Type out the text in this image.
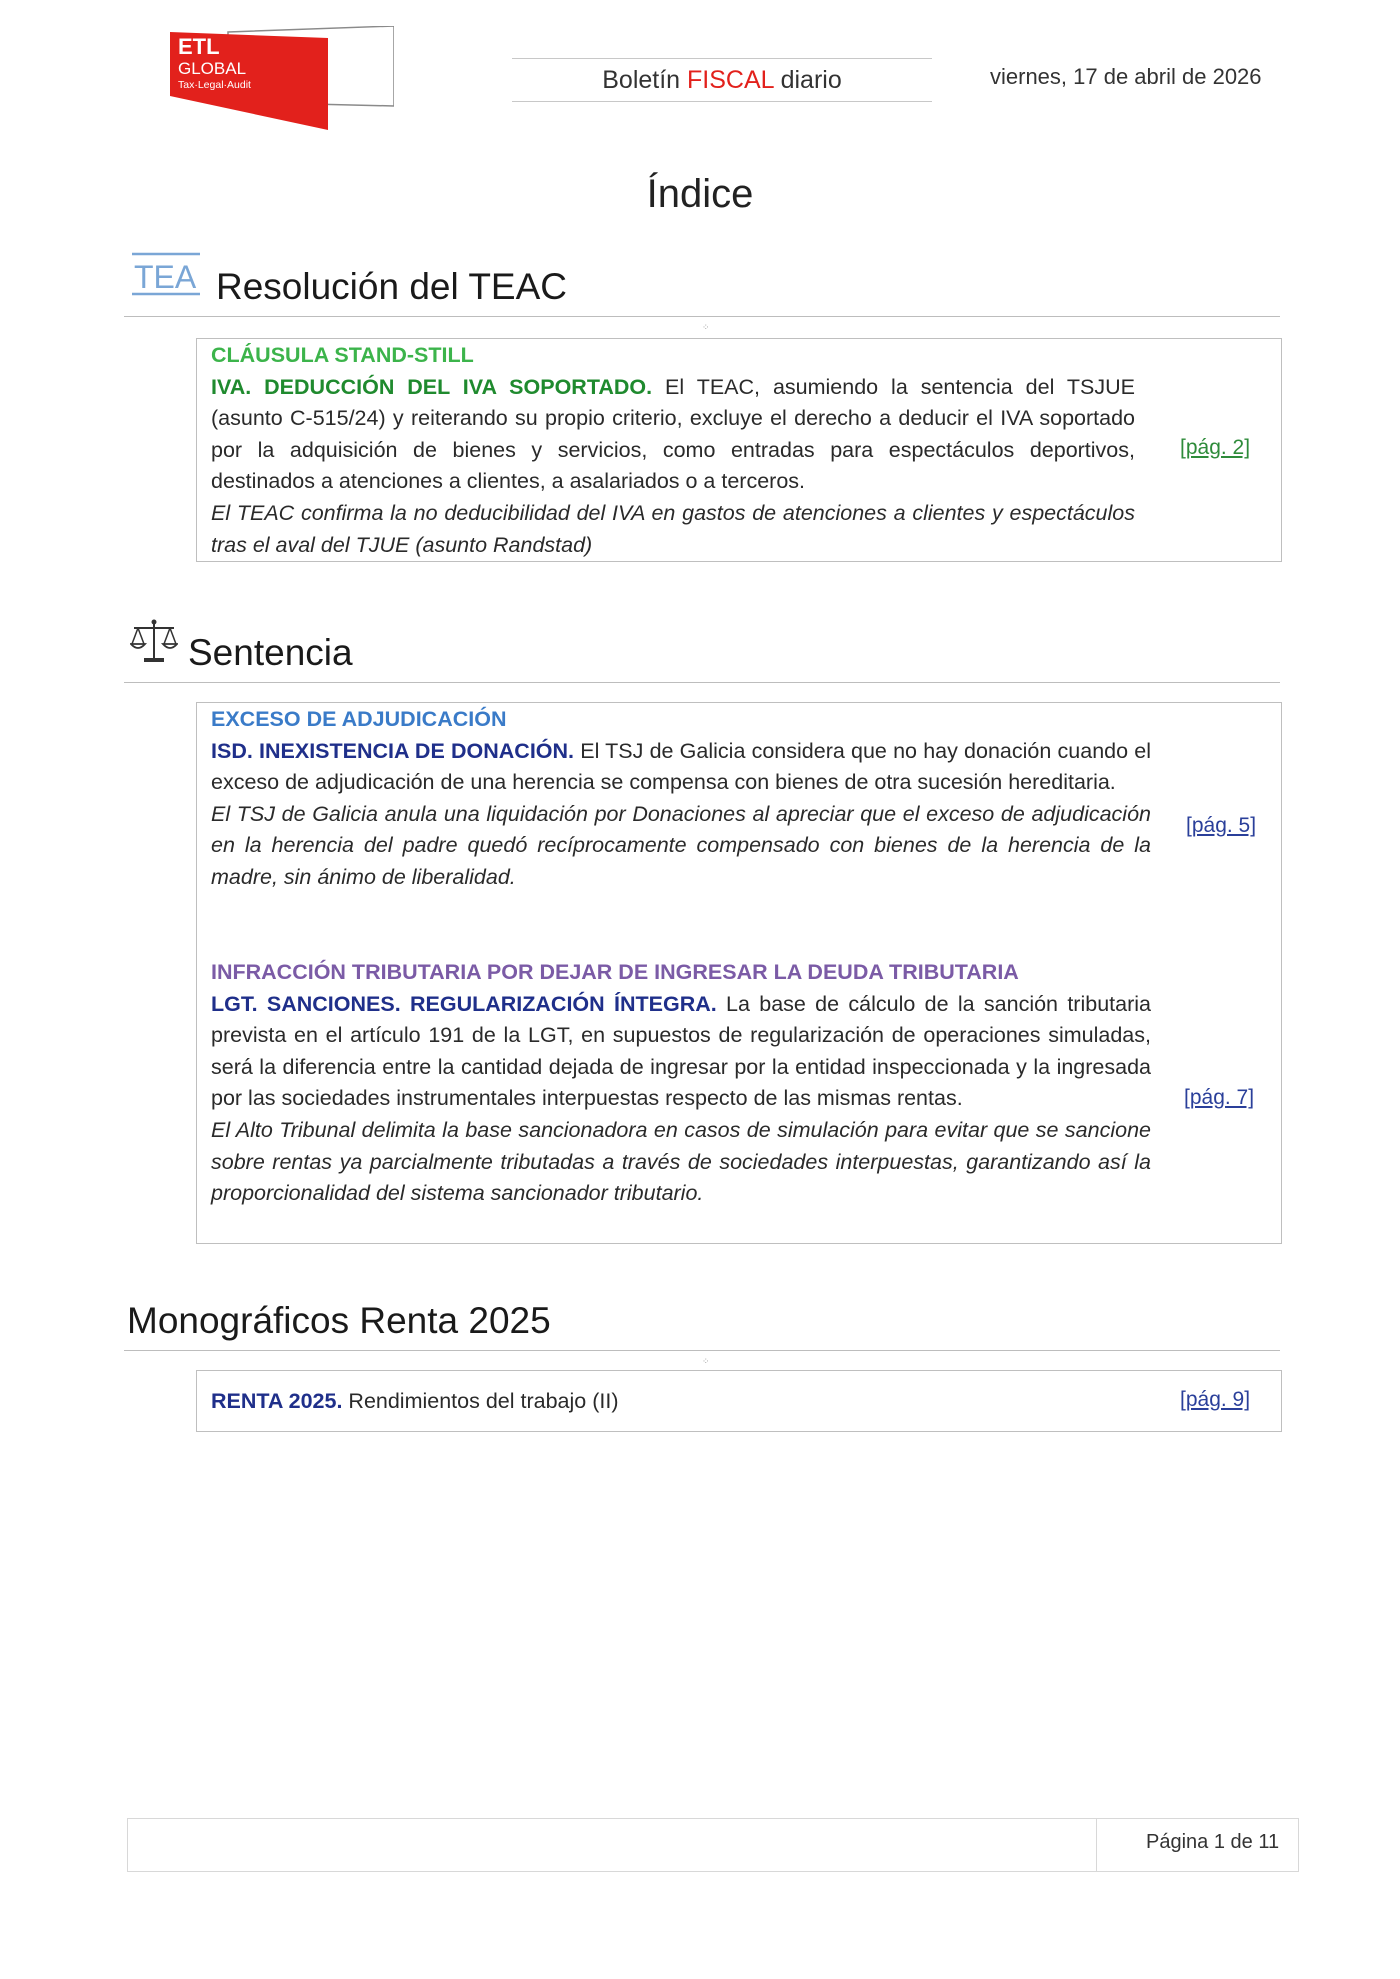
ETL
GLOBAL
Tax·Legal·Audit	Boletín FISCAL diario	viernes, 17 de abril de 2026
Índice
TEA Resolución del TEAC
⁘
CLÁUSULA STAND-STILL
IVA. DEDUCCIÓN DEL IVA SOPORTADO. El TEAC, asumiendo la sentencia del TSJUE (asunto C-515/24) y reiterando su propio criterio, excluye el derecho a deducir el IVA soportado por la adquisición de bienes y servicios, como entradas para espectáculos deportivos, destinados a atenciones a clientes, a asalariados o a terceros.
El TEAC confirma la no deducibilidad del IVA en gastos de atenciones a clientes y espectáculos tras el aval del TJUE (asunto Randstad)
[pág. 2]
Sentencia
EXCESO DE ADJUDICACIÓN
ISD. INEXISTENCIA DE DONACIÓN. El TSJ de Galicia considera que no hay donación cuando el exceso de adjudicación de una herencia se compensa con bienes de otra sucesión hereditaria.
El TSJ de Galicia anula una liquidación por Donaciones al apreciar que el exceso de adjudicación en la herencia del padre quedó recíprocamente compensado con bienes de la herencia de la madre, sin ánimo de liberalidad.
[pág. 5]
INFRACCIÓN TRIBUTARIA POR DEJAR DE INGRESAR LA DEUDA TRIBUTARIA
LGT. SANCIONES. REGULARIZACIÓN ÍNTEGRA. La base de cálculo de la sanción tributaria prevista en el artículo 191 de la LGT, en supuestos de regularización de operaciones simuladas, será la diferencia entre la cantidad dejada de ingresar por la entidad inspeccionada y la ingresada por las sociedades instrumentales interpuestas respecto de las mismas rentas.
El Alto Tribunal delimita la base sancionadora en casos de simulación para evitar que se sancione sobre rentas ya parcialmente tributadas a través de sociedades interpuestas, garantizando así la proporcionalidad del sistema sancionador tributario.
[pág. 7]
Monográficos Renta 2025
⁘
RENTA 2025. Rendimientos del trabajo (II)	[pág. 9]
Página 1 de 11
